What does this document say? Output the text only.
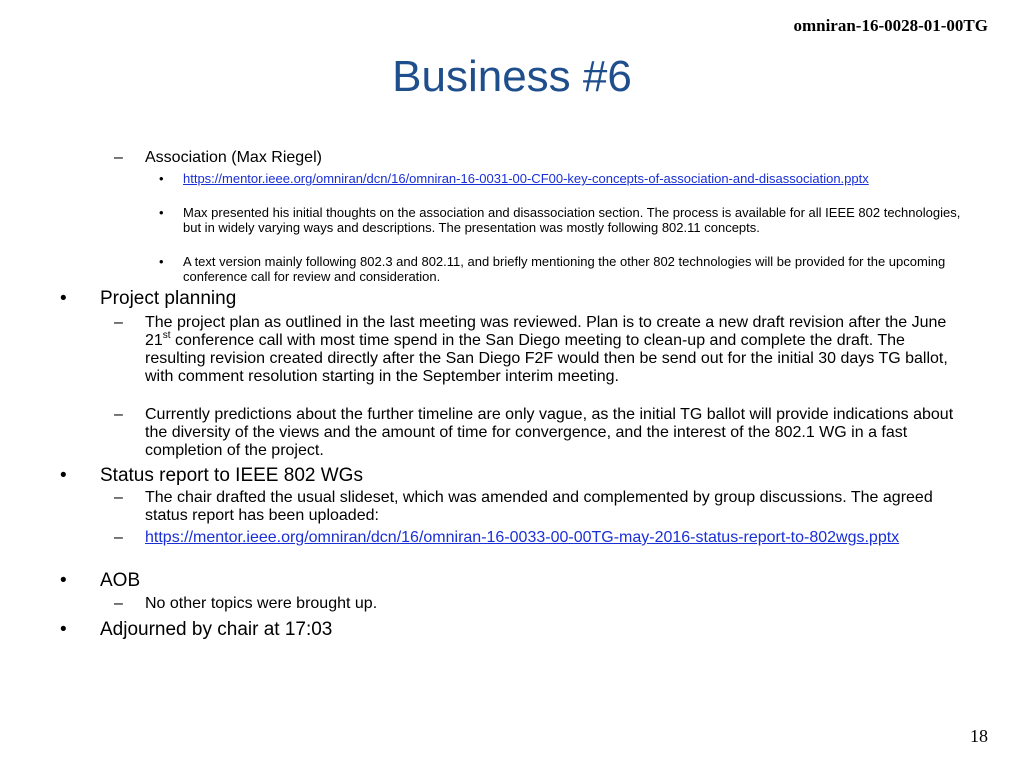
omniran-16-0028-01-00TG
Business #6
– Association (Max Riegel)
• https://mentor.ieee.org/omniran/dcn/16/omniran-16-0031-00-CF00-key-concepts-of-association-and-disassociation.pptx
• Max presented his initial thoughts on the association and disassociation section. The process is available for all IEEE 802 technologies, but in widely varying ways and descriptions. The presentation was mostly following 802.11 concepts.
• A text version mainly following 802.3 and 802.11, and briefly mentioning the other 802 technologies will be provided for the upcoming conference call for review and consideration.
• Project planning
– The project plan as outlined in the last meeting was reviewed. Plan is to create a new draft revision after the June 21st conference call with most time spend in the San Diego meeting to clean-up and complete the draft. The resulting revision created directly after the San Diego F2F would then be send out for the initial 30 days TG ballot, with comment resolution starting in the September interim meeting.
– Currently predictions about the further timeline are only vague, as the initial TG ballot will provide indications about the diversity of the views and the amount of time for convergence, and the interest of the 802.1 WG in a fast completion of the project.
• Status report to IEEE 802 WGs
– The chair drafted the usual slideset, which was amended and complemented by group discussions. The agreed status report has been uploaded:
– https://mentor.ieee.org/omniran/dcn/16/omniran-16-0033-00-00TG-may-2016-status-report-to-802wgs.pptx
• AOB
– No other topics were brought up.
• Adjourned by chair at 17:03
18
